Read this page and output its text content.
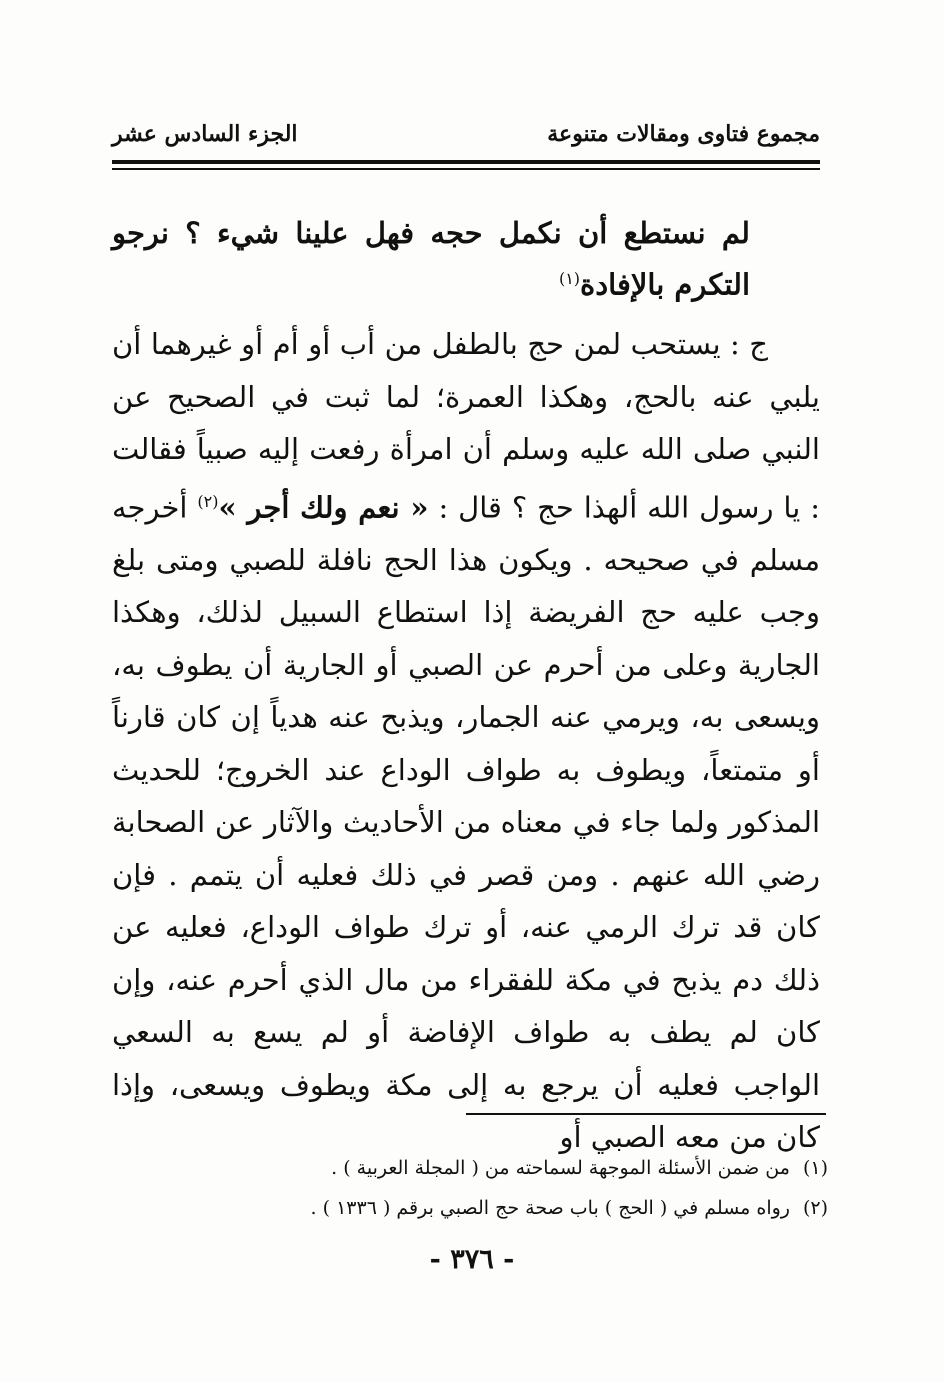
مجموع فتاوى ومقالات متنوعة
الجزء السادس عشر
لم نستطع أن نكمل حجه فهل علينا شيء ؟ نرجو التكرم بالإفادة$^{(١)}$
ج : يستحب لمن حج بالطفل من أب أو أم أو غيرهما أن يلبي عنه بالحج، وهكذا العمرة؛ لما ثبت في الصحيح عن النبي صلى الله عليه وسلم أن امرأة رفعت إليه صبياً فقالت : يا رسول الله ألهذا حج ؟ قال : « نعم ولك أجر »$^{(٢)}$ أخرجه مسلم في صحيحه . ويكون هذا الحج نافلة للصبي ومتى بلغ وجب عليه حج الفريضة إذا استطاع السبيل لذلك، وهكذا الجارية وعلى من أحرم عن الصبي أو الجارية أن يطوف به، ويسعى به، ويرمي عنه الجمار، ويذبح عنه هدياً إن كان قارناً أو متمتعاً، ويطوف به طواف الوداع عند الخروج؛ للحديث المذكور ولما جاء في معناه من الأحاديث والآثار عن الصحابة رضي الله عنهم . ومن قصر في ذلك فعليه أن يتمم . فإن كان قد ترك الرمي عنه، أو ترك طواف الوداع، فعليه عن ذلك دم يذبح في مكة للفقراء من مال الذي أحرم عنه، وإن كان لم يطف به طواف الإفاضة أو لم يسع به السعي الواجب فعليه أن يرجع به إلى مكة ويطوف ويسعى، وإذا كان من معه الصبي أو
(١) من ضمن الأسئلة الموجهة لسماحته من ( المجلة العربية ) .
(٢) رواه مسلم في ( الحج ) باب صحة حج الصبي برقم ( ١٣٣٦ ) .
- ٣٧٦ -
